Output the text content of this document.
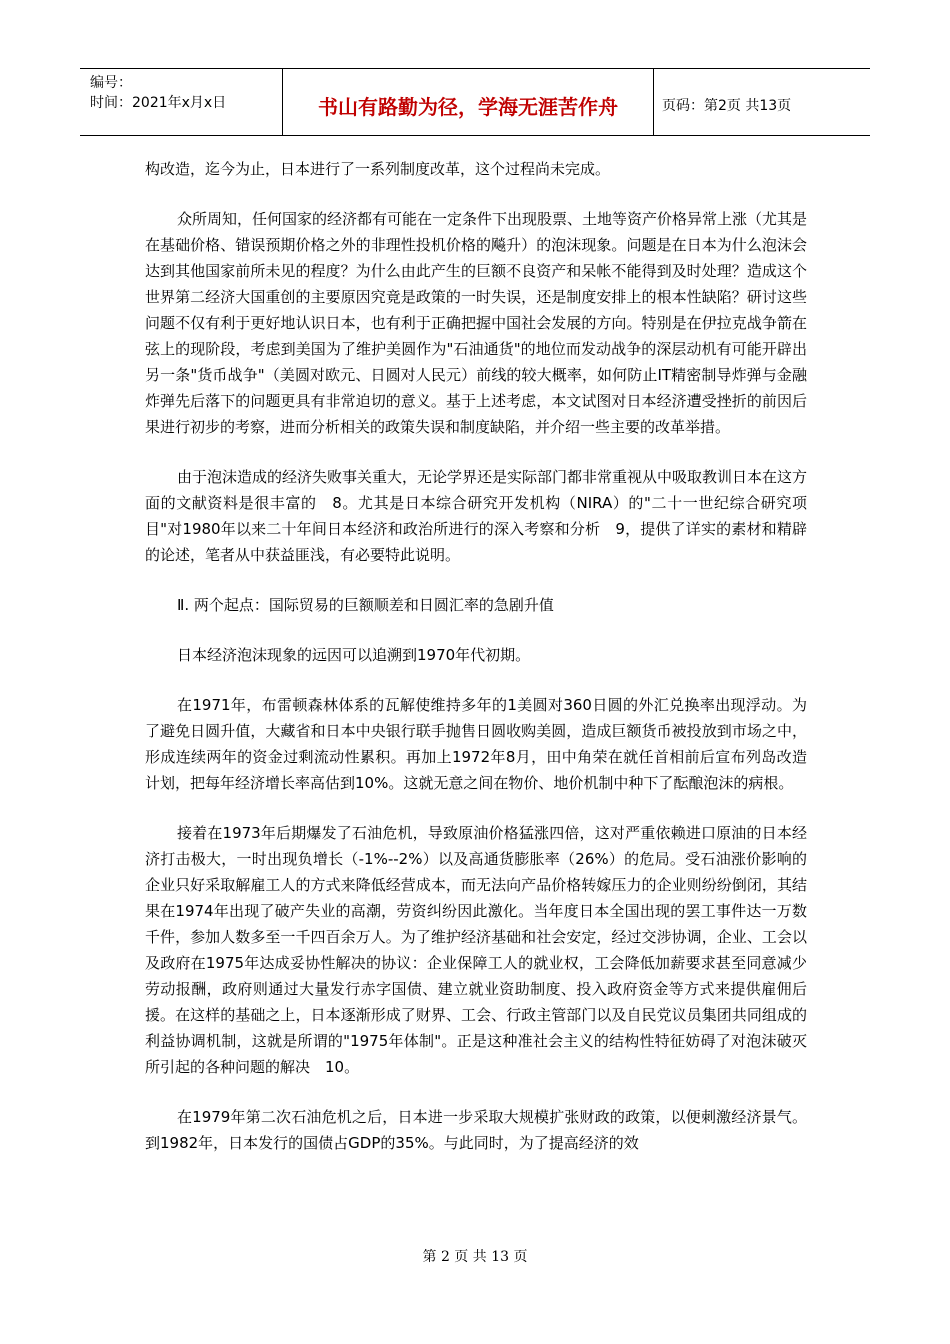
编号：
时间：2021年x月x日	书山有路勤为径，学海无涯苦作舟	页码：第2页 共13页

构改造，迄今为止，日本进行了一系列制度改革，这个过程尚未完成。

众所周知，任何国家的经济都有可能在一定条件下出现股票、土地等资产价格异常上涨（尤其是在基础价格、错误预期价格之外的非理性投机价格的飚升）的泡沫现象。问题是在日本为什么泡沫会达到其他国家前所未见的程度？为什么由此产生的巨额不良资产和呆帐不能得到及时处理？造成这个世界第二经济大国重创的主要原因究竟是政策的一时失误，还是制度安排上的根本性缺陷？研讨这些问题不仅有利于更好地认识日本，也有利于正确把握中国社会发展的方向。特别是在伊拉克战争箭在弦上的现阶段，考虑到美国为了维护美圆作为"石油通货"的地位而发动战争的深层动机有可能开辟出另一条"货币战争"（美圆对欧元、日圆对人民元）前线的较大概率，如何防止IT精密制导炸弹与金融炸弹先后落下的问题更具有非常迫切的意义。基于上述考虑，本文试图对日本经济遭受挫折的前因后果进行初步的考察，进而分析相关的政策失误和制度缺陷，并介绍一些主要的改革举措。

由于泡沫造成的经济失败事关重大，无论学界还是实际部门都非常重视从中吸取教训日本在这方面的文献资料是很丰富的　8。尤其是日本综合研究开发机构（NIRA）的"二十一世纪综合研究项目"对1980年以来二十年间日本经济和政治所进行的深入考察和分析　9，提供了详实的素材和精辟的论述，笔者从中获益匪浅，有必要特此说明。

Ⅱ. 两个起点：国际贸易的巨额顺差和日圆汇率的急剧升值

日本经济泡沫现象的远因可以追溯到1970年代初期。

在1971年，布雷顿森林体系的瓦解使维持多年的1美圆对360日圆的外汇兑换率出现浮动。为了避免日圆升值，大藏省和日本中央银行联手抛售日圆收购美圆，造成巨额货币被投放到市场之中，形成连续两年的资金过剩流动性累积。再加上1972年8月，田中角荣在就任首相前后宣布列岛改造计划，把每年经济增长率高估到10%。这就无意之间在物价、地价机制中种下了酝酿泡沫的病根。

接着在1973年后期爆发了石油危机，导致原油价格猛涨四倍，这对严重依赖进口原油的日本经济打击极大，一时出现负增长（-1%--2%）以及高通货膨胀率（26%）的危局。受石油涨价影响的企业只好采取解雇工人的方式来降低经营成本，而无法向产品价格转嫁压力的企业则纷纷倒闭，其结果在1974年出现了破产失业的高潮，劳资纠纷因此激化。当年度日本全国出现的罢工事件达一万数千件，参加人数多至一千四百余万人。为了维护经济基础和社会安定，经过交涉协调，企业、工会以及政府在1975年达成妥协性解决的协议：企业保障工人的就业权，工会降低加薪要求甚至同意减少劳动报酬，政府则通过大量发行赤字国债、建立就业资助制度、投入政府资金等方式来提供雇佣后援。在这样的基础之上，日本逐渐形成了财界、工会、行政主管部门以及自民党议员集团共同组成的利益协调机制，这就是所谓的"1975年体制"。正是这种准社会主义的结构性特征妨碍了对泡沫破灭所引起的各种问题的解决　10。

在1979年第二次石油危机之后，日本进一步采取大规模扩张财政的政策，以便刺激经济景气。到1982年，日本发行的国债占GDP的35%。与此同时，为了提高经济的效

第 2 页 共 13 页
